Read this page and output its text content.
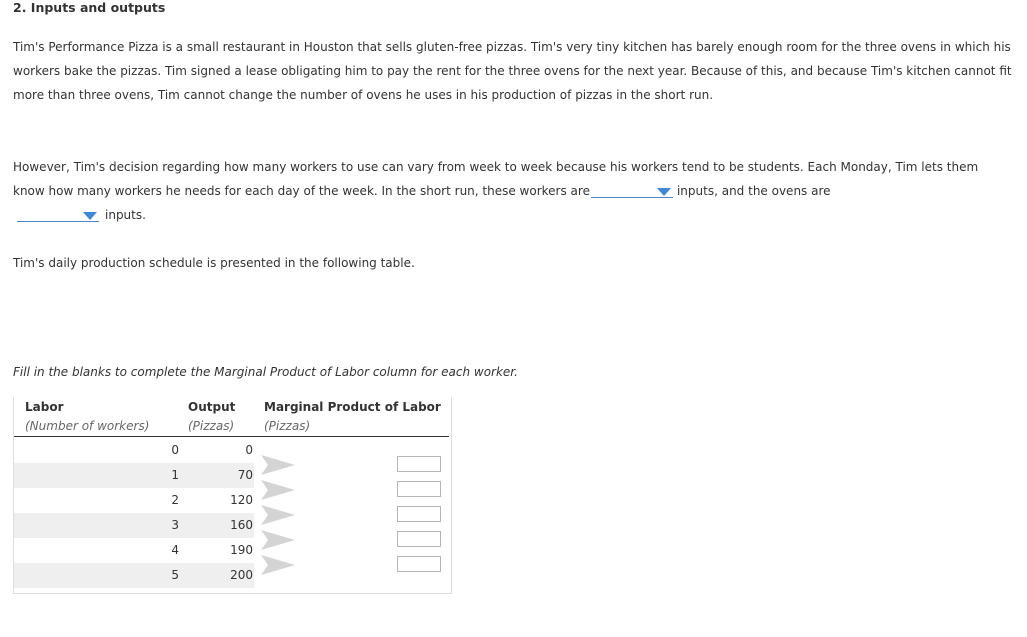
2. Inputs and outputs

Tim's Performance Pizza is a small restaurant in Houston that sells gluten-free pizzas. Tim's very tiny kitchen has barely enough room for the three ovens in which his workers bake the pizzas. Tim signed a lease obligating him to pay the rent for the three ovens for the next year. Because of this, and because Tim's kitchen cannot fit more than three ovens, Tim cannot change the number of ovens he uses in his production of pizzas in the short run.

However, Tim's decision regarding how many workers to use can vary from week to week because his workers tend to be students. Each Monday, Tim lets them know how many workers he needs for each day of the week. In the short run, these workers are	inputs, and the ovens are

inputs.

Tim's daily production schedule is presented in the following table.

Fill in the blanks to complete the Marginal Product of Labor column for each worker.

Labor
(Number of workers)
Output
(Pizzas)
Marginal Product of Labor
(Pizzas)
0	0
1	70
2	120
3	160
4	190
5	200
